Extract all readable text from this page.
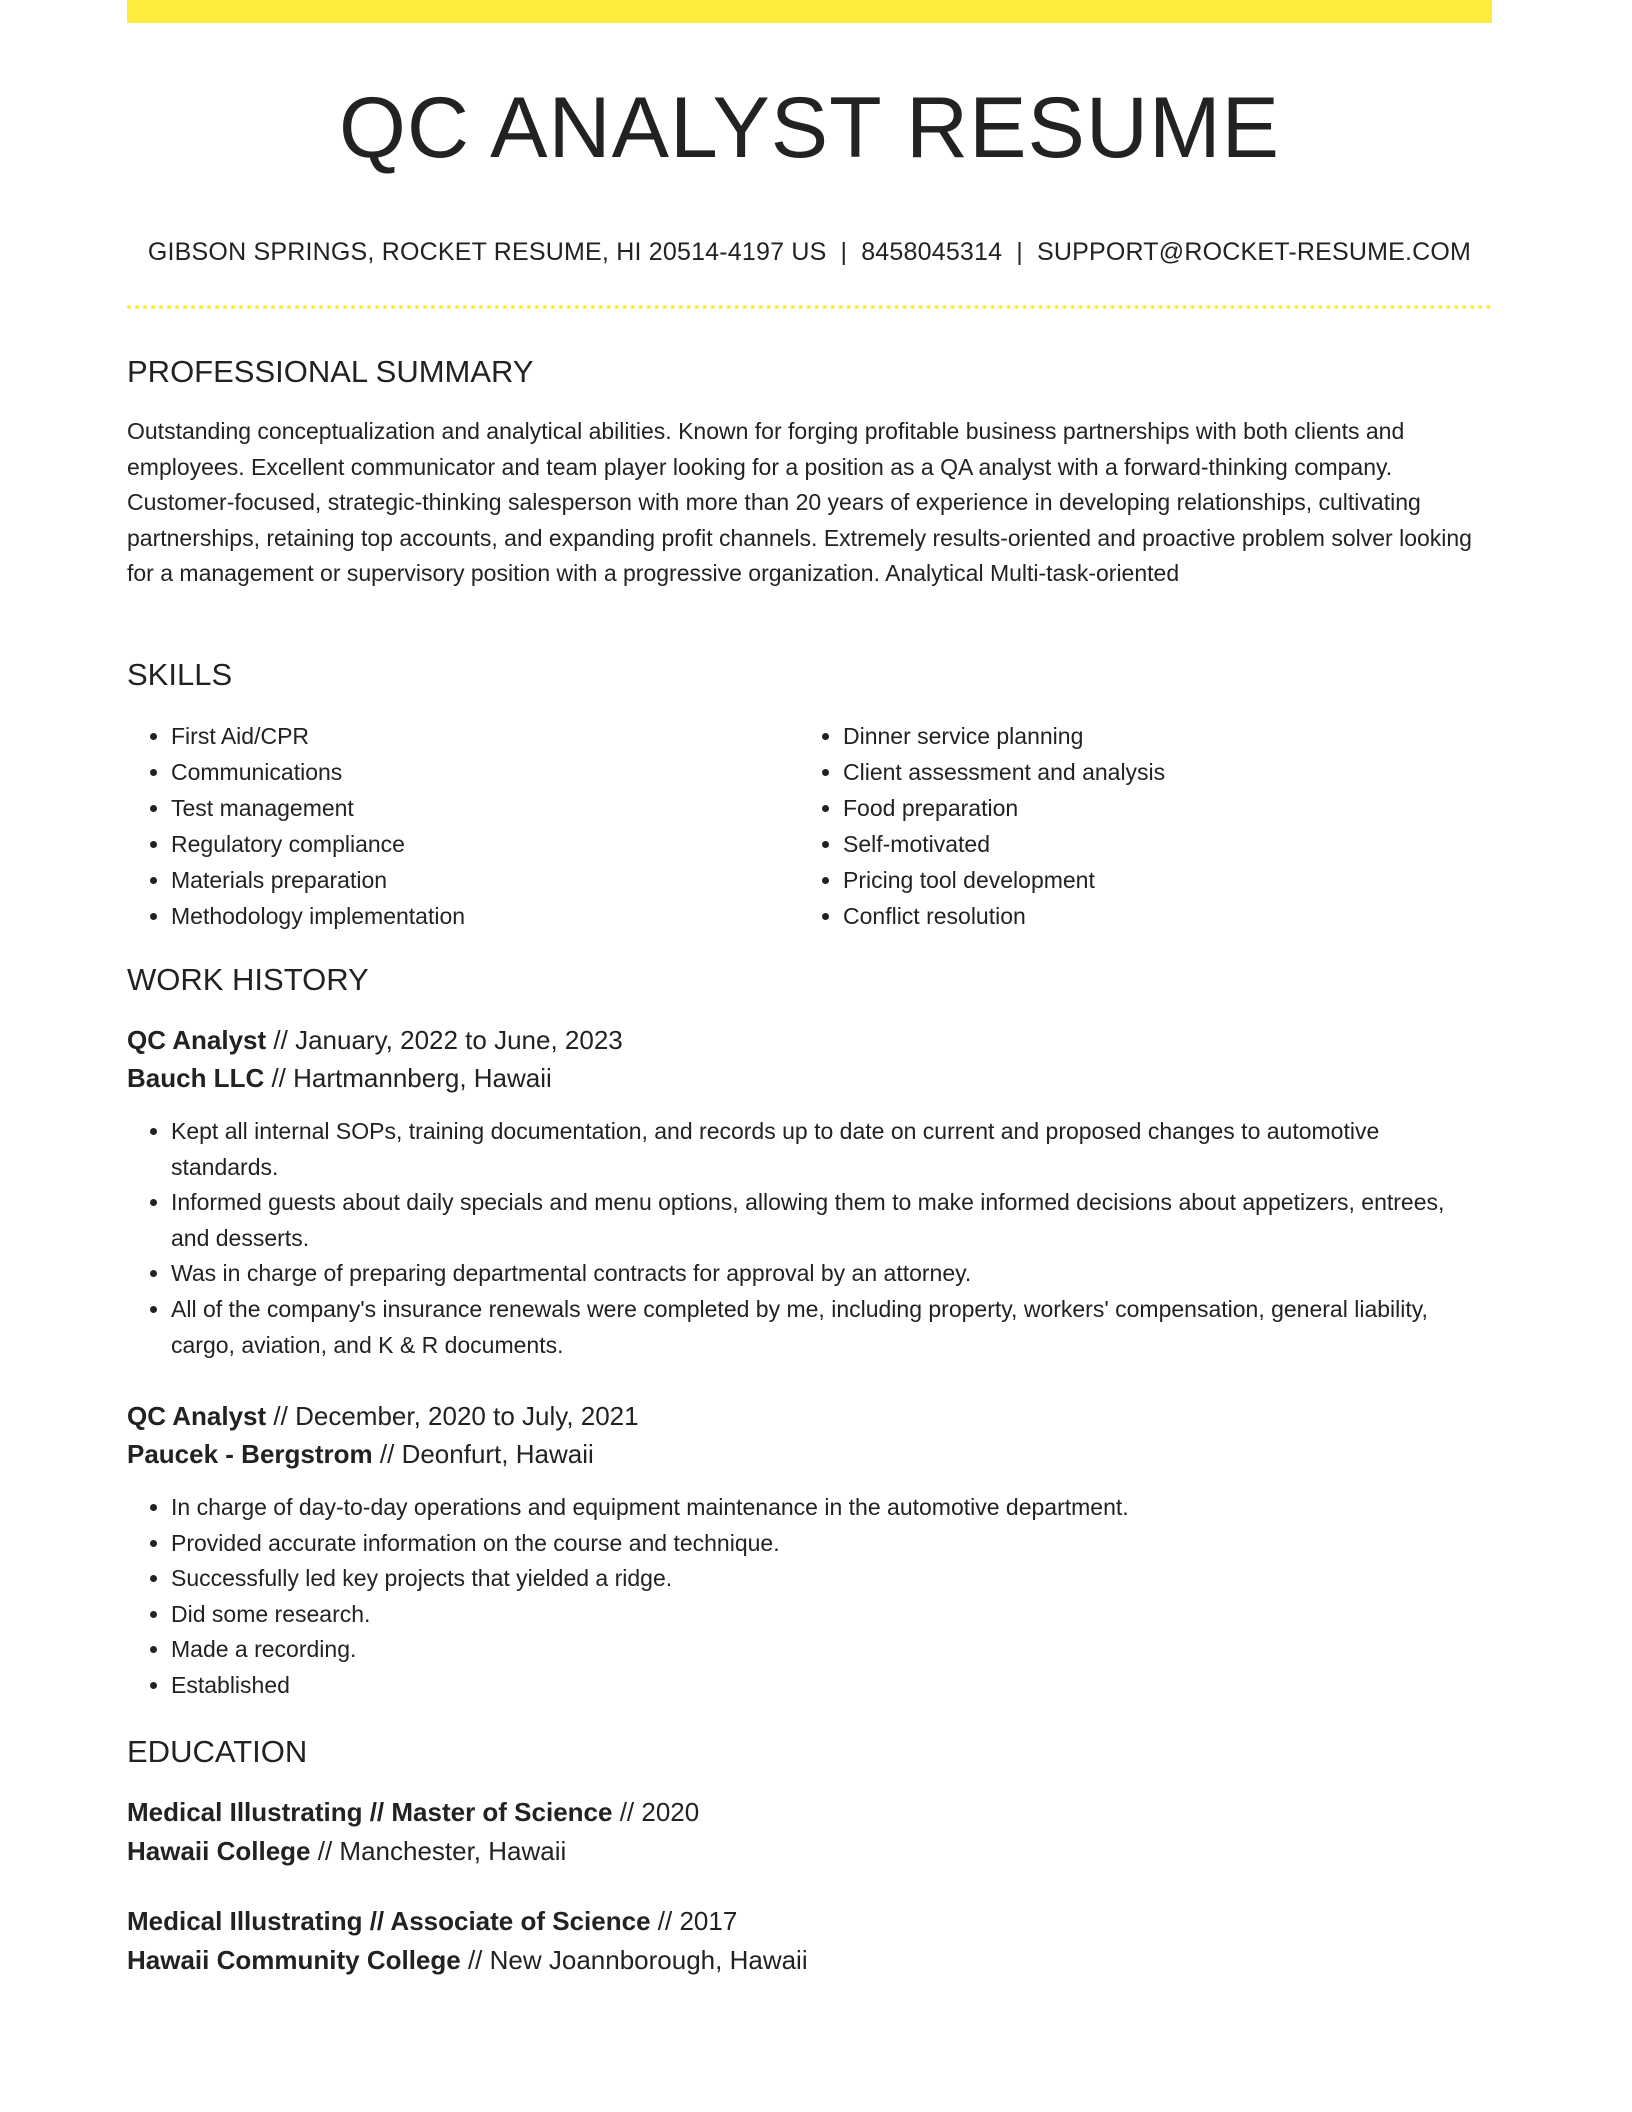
QC ANALYST RESUME
GIBSON SPRINGS, ROCKET RESUME, HI 20514-4197 US | 8458045314 | SUPPORT@ROCKET-RESUME.COM
PROFESSIONAL SUMMARY

Outstanding conceptualization and analytical abilities. Known for forging profitable business partnerships with both clients and employees. Excellent communicator and team player looking for a position as a QA analyst with a forward-thinking company. Customer-focused, strategic-thinking salesperson with more than 20 years of experience in developing relationships, cultivating partnerships, retaining top accounts, and expanding profit channels. Extremely results-oriented and proactive problem solver looking for a management or supervisory position with a progressive organization. Analytical Multi-task-oriented

SKILLS
• First Aid/CPR
• Communications
• Test management
• Regulatory compliance
• Materials preparation
• Methodology implementation
• Dinner service planning
• Client assessment and analysis
• Food preparation
• Self-motivated
• Pricing tool development
• Conflict resolution
WORK HISTORY
QC Analyst // January, 2022 to June, 2023
Bauch LLC // Hartmannberg, Hawaii
• Kept all internal SOPs, training documentation, and records up to date on current and proposed changes to automotive standards.
• Informed guests about daily specials and menu options, allowing them to make informed decisions about appetizers, entrees, and desserts.
• Was in charge of preparing departmental contracts for approval by an attorney.
• All of the company's insurance renewals were completed by me, including property, workers' compensation, general liability, cargo, aviation, and K & R documents.
QC Analyst // December, 2020 to July, 2021
Paucek - Bergstrom // Deonfurt, Hawaii
• In charge of day-to-day operations and equipment maintenance in the automotive department.
• Provided accurate information on the course and technique.
• Successfully led key projects that yielded a ridge.
• Did some research.
• Made a recording.
• Established
EDUCATION
Medical Illustrating // Master of Science // 2020
Hawaii College // Manchester, Hawaii
Medical Illustrating // Associate of Science // 2017
Hawaii Community College // New Joannborough, Hawaii
